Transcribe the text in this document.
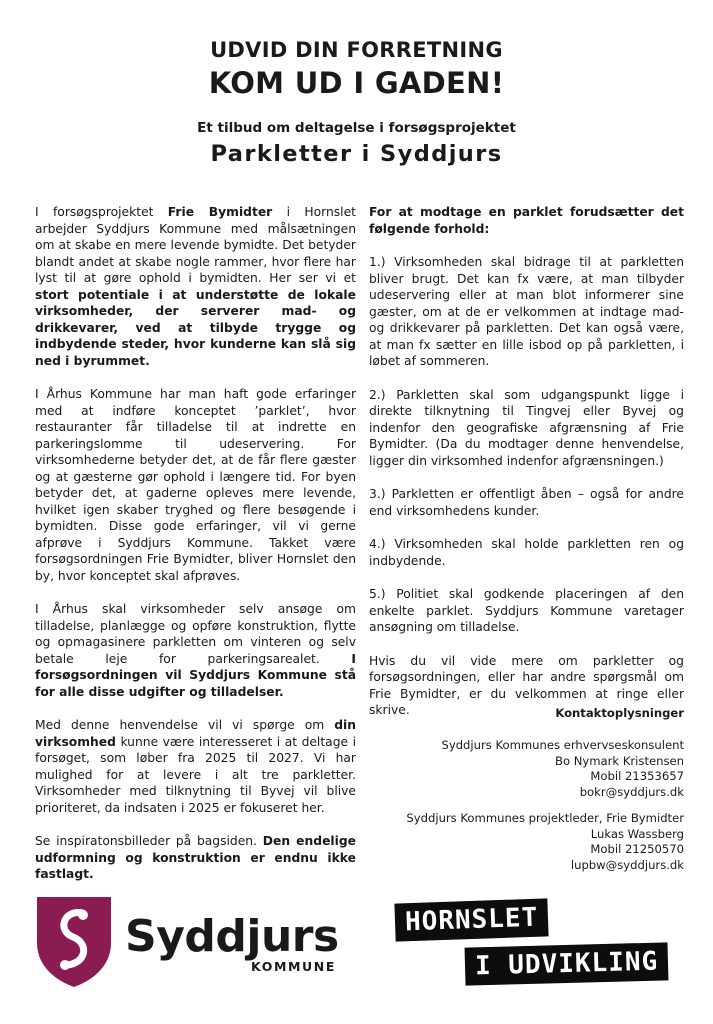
UDVID DIN FORRETNING
KOM UD I GADEN!
Et tilbud om deltagelse i forsøgsprojektet
Parkletter i Syddjurs

I forsøgsprojektet Frie Bymidter i Hornslet arbejder Syddjurs Kommune med målsætningen om at skabe en mere levende bymidte. Det betyder blandt andet at skabe nogle rammer, hvor flere har lyst til at gøre ophold i bymidten. Her ser vi et stort potentiale i at understøtte de lokale virksomheder, der serverer mad- og drikkevarer, ved at tilbyde trygge og indbydende steder, hvor kunderne kan slå sig ned i byrummet.

I Århus Kommune har man haft gode erfaringer med at indføre konceptet ’parklet’, hvor restauranter får tilladelse til at indrette en parkeringslomme til udeservering. For virksomhederne betyder det, at de får flere gæster og at gæsterne gør ophold i længere tid. For byen betyder det, at gaderne opleves mere levende, hvilket igen skaber tryghed og flere besøgende i bymidten. Disse gode erfaringer, vil vi gerne afprøve i Syddjurs Kommune. Takket være forsøgsordningen Frie Bymidter, bliver Hornslet den by, hvor konceptet skal afprøves.

I Århus skal virksomheder selv ansøge om tilladelse, planlægge og opføre konstruktion, flytte og opmagasinere parkletten om vinteren og selv betale leje for parkeringsarealet. I forsøgsordningen vil Syddjurs Kommune stå for alle disse udgifter og tilladelser.

Med denne henvendelse vil vi spørge om din virksomhed kunne være interesseret i at deltage i forsøget, som løber fra 2025 til 2027. Vi har mulighed for at levere i alt tre parkletter. Virksomheder med tilknytning til Byvej vil blive prioriteret, da indsaten i 2025 er fokuseret her.

Se inspiratonsbilleder på bagsiden. Den endelige udformning og konstruktion er endnu ikke fastlagt.

For at modtage en parklet forudsætter det følgende forhold:

1.) Virksomheden skal bidrage til at parkletten bliver brugt. Det kan fx være, at man tilbyder udeservering eller at man blot informerer sine gæster, om at de er velkommen at indtage mad- og drikkevarer på parkletten. Det kan også være, at man fx sætter en lille isbod op på parkletten, i løbet af sommeren.

2.) Parkletten skal som udgangspunkt ligge i direkte tilknytning til Tingvej eller Byvej og indenfor den geografiske afgrænsning af Frie Bymidter. (Da du modtager denne henvendelse, ligger din virksomhed indenfor afgrænsningen.)

3.) Parkletten er offentligt åben – også for andre end virksomhedens kunder.

4.) Virksomheden skal holde parkletten ren og indbydende.

5.) Politiet skal godkende placeringen af den enkelte parklet. Syddjurs Kommune varetager ansøgning om tilladelse.

Hvis du vil vide mere om parkletter og forsøgsordningen, eller har andre spørgsmål om Frie Bymidter, er du velkommen at ringe eller skrive.	Kontaktoplysninger
Syddjurs Kommunes erhvervseskonsulent
Bo Nymark Kristensen
Mobil 21353657
bokr@syddjurs.dk
Syddjurs Kommunes projektleder, Frie Bymidter
Lukas Wassberg
Mobil 21250570
lupbw@syddjurs.dk
Syddjurs
KOMMUNE
HORNSLET
I UDVIKLING
